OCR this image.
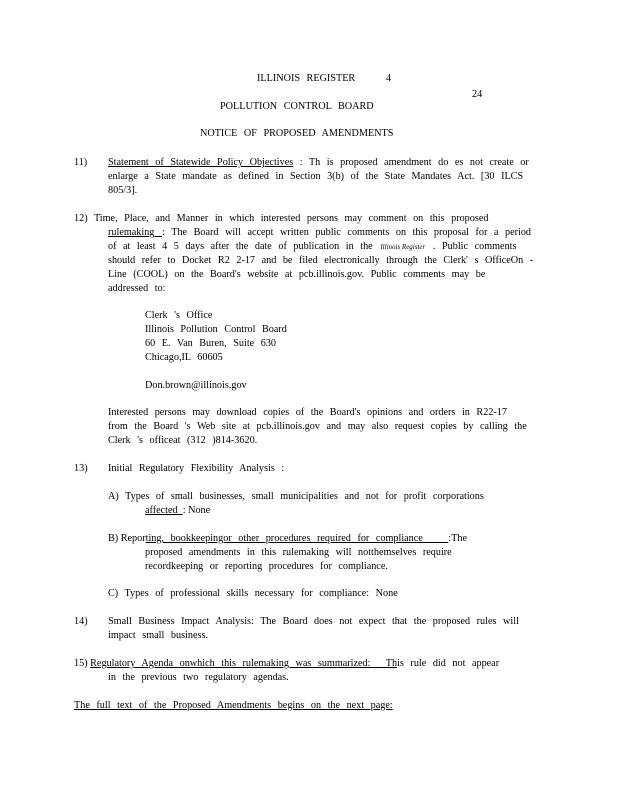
ILLINOIS REGISTER	4
24
POLLUTION CONTROL BOARD
NOTICE OF PROPOSED AMENDMENTS
11) Statement of Statewide Policy Objectives : Th is proposed amendment do es not create or
enlarge a State mandate as defined in Section 3(b) of the State Mandates Act. [30 ILCS
805/3].
12) Time, Place, and Manner in which interested persons may comment on this proposed
rulemaking : The Board will accept written public comments on this proposal for a period
of at least 4 5 days after the date of publication in the Illinois Register . Public comments
should refer to Docket R2 2-17 and be filed electronically through the Clerk' s OfficeOn -
Line (COOL) on the Board's website at pcb.illinois.gov. Public comments may be
addressed to:
Clerk 's Office
Illinois Pollution Control Board
60 E. Van Buren, Suite 630
Chicago,IL 60605
Don.brown@illinois.gov
Interested persons may download copies of the Board's opinions and orders in R22-17
from the Board 's Web site at pcb.illinois.gov and may also request copies by calling the
Clerk 's officeat (312 )814-3620.
13) Initial Regulatory Flexibility Analysis :
A) Types of small businesses, small municipalities and not for profit corporations
affected : None
B) Reporting, bookkeepingor other procedures required for compliance :The
proposed amendments in this rulemaking will notthemselves require
recordkeeping or reporting procedures for compliance.
C) Types of professional skills necessary for compliance: None
14) Small Business Impact Analysis: The Board does not expect that the proposed rules will
impact small business.
15) Regulatory Agenda onwhich this rulemaking was summarized: This rule did not appear
in the previous two regulatory agendas.
The full text of the Proposed Amendments begins on the next page:
